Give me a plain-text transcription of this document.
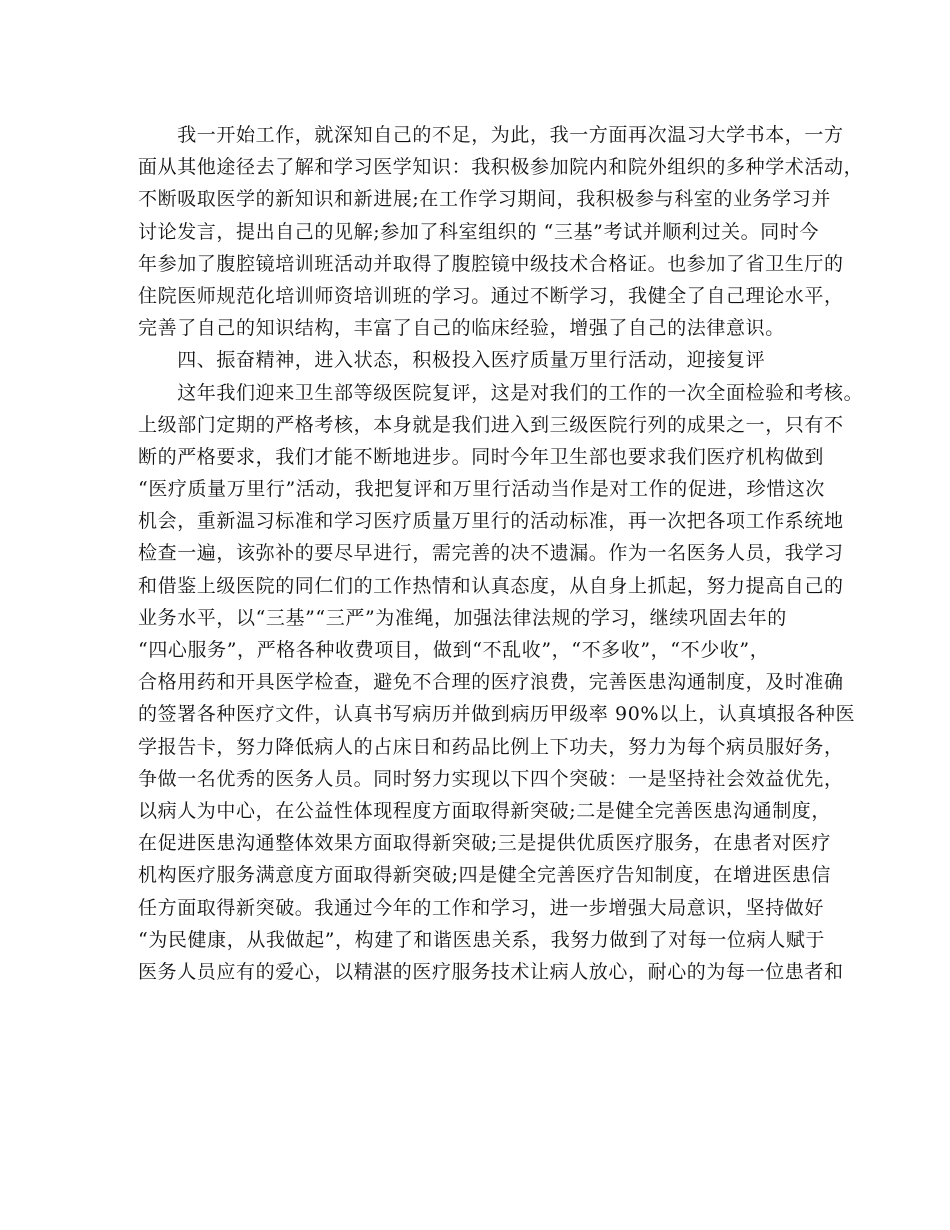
　　我一开始工作，就深知自己的不足，为此，我一方面再次温习大学书本，一方
面从其他途径去了解和学习医学知识：我积极参加院内和院外组织的多种学术活动，
不断吸取医学的新知识和新进展;在工作学习期间，我积极参与科室的业务学习并
讨论发言，提出自己的见解;参加了科室组织的 “三基”考试并顺利过关。同时今
年参加了腹腔镜培训班活动并取得了腹腔镜中级技术合格证。也参加了省卫生厅的
住院医师规范化培训师资培训班的学习。通过不断学习，我健全了自己理论水平，
完善了自己的知识结构，丰富了自己的临床经验，增强了自己的法律意识。
　　四、振奋精神，进入状态，积极投入医疗质量万里行活动，迎接复评
　　这年我们迎来卫生部等级医院复评，这是对我们的工作的一次全面检验和考核。
上级部门定期的严格考核，本身就是我们进入到三级医院行列的成果之一，只有不
断的严格要求，我们才能不断地进步。同时今年卫生部也要求我们医疗机构做到
“医疗质量万里行”活动，我把复评和万里行活动当作是对工作的促进，珍惜这次
机会，重新温习标准和学习医疗质量万里行的活动标准，再一次把各项工作系统地
检查一遍，该弥补的要尽早进行，需完善的决不遗漏。作为一名医务人员，我学习
和借鉴上级医院的同仁们的工作热情和认真态度，从自身上抓起，努力提高自己的
业务水平，以“三基”“三严”为准绳，加强法律法规的学习，继续巩固去年的
“四心服务”，严格各种收费项目，做到“不乱收”，“不多收”，“不少收”，
合格用药和开具医学检查，避免不合理的医疗浪费，完善医患沟通制度，及时准确
的签署各种医疗文件，认真书写病历并做到病历甲级率 90%以上，认真填报各种医
学报告卡，努力降低病人的占床日和药品比例上下功夫，努力为每个病员服好务，
争做一名优秀的医务人员。同时努力实现以下四个突破：一是坚持社会效益优先，
以病人为中心，在公益性体现程度方面取得新突破;二是健全完善医患沟通制度，
在促进医患沟通整体效果方面取得新突破;三是提供优质医疗服务，在患者对医疗
机构医疗服务满意度方面取得新突破;四是健全完善医疗告知制度，在增进医患信
任方面取得新突破。我通过今年的工作和学习，进一步增强大局意识，坚持做好
“为民健康，从我做起”，构建了和谐医患关系，我努力做到了对每一位病人赋于
医务人员应有的爱心，以精湛的医疗服务技术让病人放心，耐心的为每一位患者和
